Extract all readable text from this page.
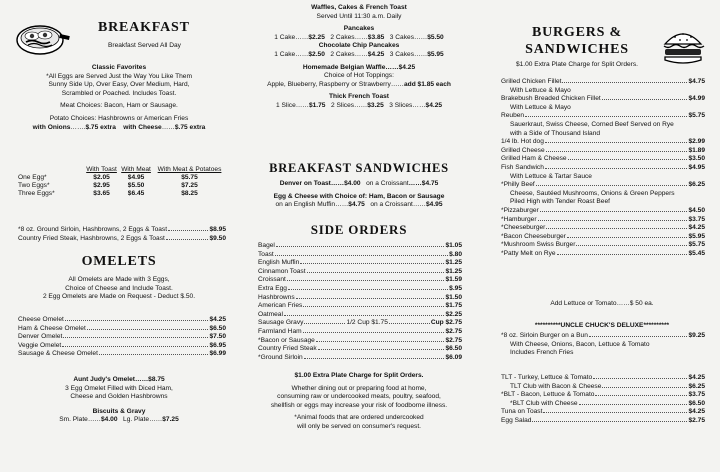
BREAKFAST
Breakfast Served All Day
Classic Favorites
*All Eggs are Served Just the Way You Like Them
Sunny Side Up, Over Easy, Over Medium, Hard,
Scrambled or Poached. Includes Toast.
Meat Choices: Bacon, Ham or Sausage.
Potato Choices: Hashbrowns or American Fries
with Onions…….$.75 extra with Cheese……$.75 extra
	With Toast	With Meat	With Meat & Potatoes
One Egg*	$2.05	$4.95	$5.75
Two Eggs*	$2.95	$5.50	$7.25
Three Eggs*	$3.65	$6.45	$8.25
*8 oz. Ground Sirloin, Hashbrowns, 2 Eggs & Toast	$8.95
Country Fried Steak, Hashbrowns, 2 Eggs & Toast	$9.50
OMELETS
All Omelets are Made with 3 Eggs,
Choice of Cheese and Include Toast.
2 Egg Omelets are Made on Request - Deduct $.50.
Cheese Omelet	$4.25
Ham & Cheese Omelet	$6.50
Denver Omelet	$7.50
Veggie Omelet	$6.95
Sausage & Cheese Omelet	$6.99
Aunt Judy's Omelet……$8.75
3 Egg Omelet Filled with Diced Ham,
Cheese and Golden Hashbrowns
Biscuits & Gravy
Sm. Plate……$4.00 Lg. Plate……$7.25
Waffles, Cakes & French Toast
Served Until 11:30 a.m. Daily
Pancakes
1 Cake……$2.25 2 Cakes……$3.85 3 Cakes……$5.50
Chocolate Chip Pancakes
1 Cake……$2.50 2 Cakes……$4.25 3 Cakes……$5.95
Homemade Belgian Waffle……$4.25
Choice of Hot Toppings:
Apple, Blueberry, Raspberry or Strawberry……add $1.85 each
Thick French Toast
1 Slice……$1.75 2 Slices……$3.25 3 Slices……$4.25
BREAKFAST SANDWICHES
Denver on Toast……$4.00 on a Croissant……$4.75
Egg & Cheese with Choice of: Ham, Bacon or Sausage
on an English Muffin……$4.75 on a Croissant……$4.95
SIDE ORDERS
Bagel	$1.05
Toast	$.80
English Muffin	$1.25
Cinnamon Toast	$1.25
Croissant	$1.59
Extra Egg	$.95
Hashbrowns	$1.50
American Fries	$1.75
Oatmeal	$2.25
Sausage Gravy	1/2 Cup $1.75	Cup $2.75
Farmland Ham	$2.75
*Bacon or Sausage	$2.75
Country Fried Steak	$6.50
*Ground Sirloin	$6.09
$1.00 Extra Plate Charge for Split Orders.
Whether dining out or preparing food at home,
consuming raw or undercooked meats, poultry, seafood,
shellfish or eggs may increase your risk of foodborne illness.
*Animal foods that are ordered undercooked
will only be served on consumer's request.
BURGERS &
SANDWICHES
$1.00 Extra Plate Charge for Split Orders.
Grilled Chicken Fillet	$4.75
With Lettuce & Mayo
Brakebush Breaded Chicken Fillet	$4.99
With Lettuce & Mayo
Reuben	$5.75
Sauerkraut, Swiss Cheese, Corned Beef Served on Rye
with a Side of Thousand Island
1/4 lb. Hot dog	$2.99
Grilled Cheese	$1.89
Grilled Ham & Cheese	$3.50
Fish Sandwich	$4.95
With Lettuce & Tartar Sauce
*Philly Beef	$6.25
Cheese, Sautéed Mushrooms, Onions & Green Peppers
Piled High with Tender Roast Beef
*Pizzaburger	$4.50
*Hamburger	$3.75
*Cheeseburger	$4.25
*Bacon Cheeseburger	$5.95
*Mushroom Swiss Burger	$5.75
*Patty Melt on Rye	$5.45
Add Lettuce or Tomato……$ 50 ea.
**********UNCLE CHUCK'S DELUXE**********
*8 oz. Sirloin Burger on a Bun	$9.25
With Cheese, Onions, Bacon, Lettuce & Tomato
Includes French Fries
TLT - Turkey, Lettuce & Tomato	$4.25
TLT Club with Bacon & Cheese	$6.25
*BLT - Bacon, Lettuce & Tomato	$3.75
*BLT Club with Cheese	$6.50
Tuna on Toast	$4.25
Egg Salad	$2.75
